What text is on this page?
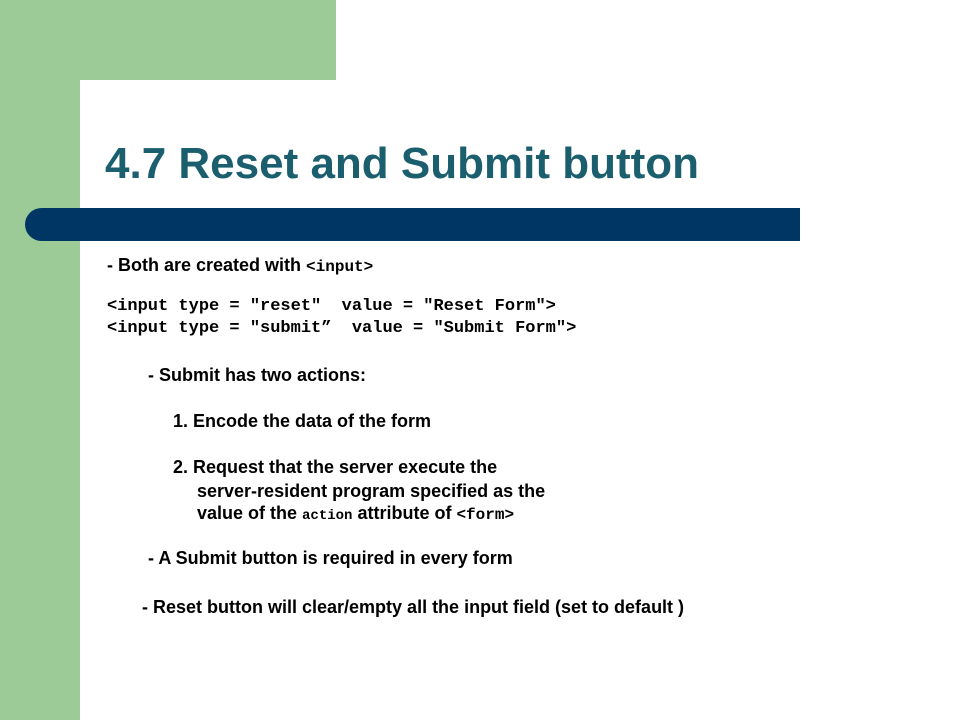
4.7 Reset and Submit button
- Both are created with <input>
<input type = "reset"  value = "Reset Form">
<input type = "submit”  value = "Submit Form">
- Submit has two actions:
1. Encode the data of the form
2. Request that the server execute the
server-resident program specified as the
value of the action attribute of <form>
- A Submit button is required in every form
- Reset button will clear/empty all the input field (set to default )
